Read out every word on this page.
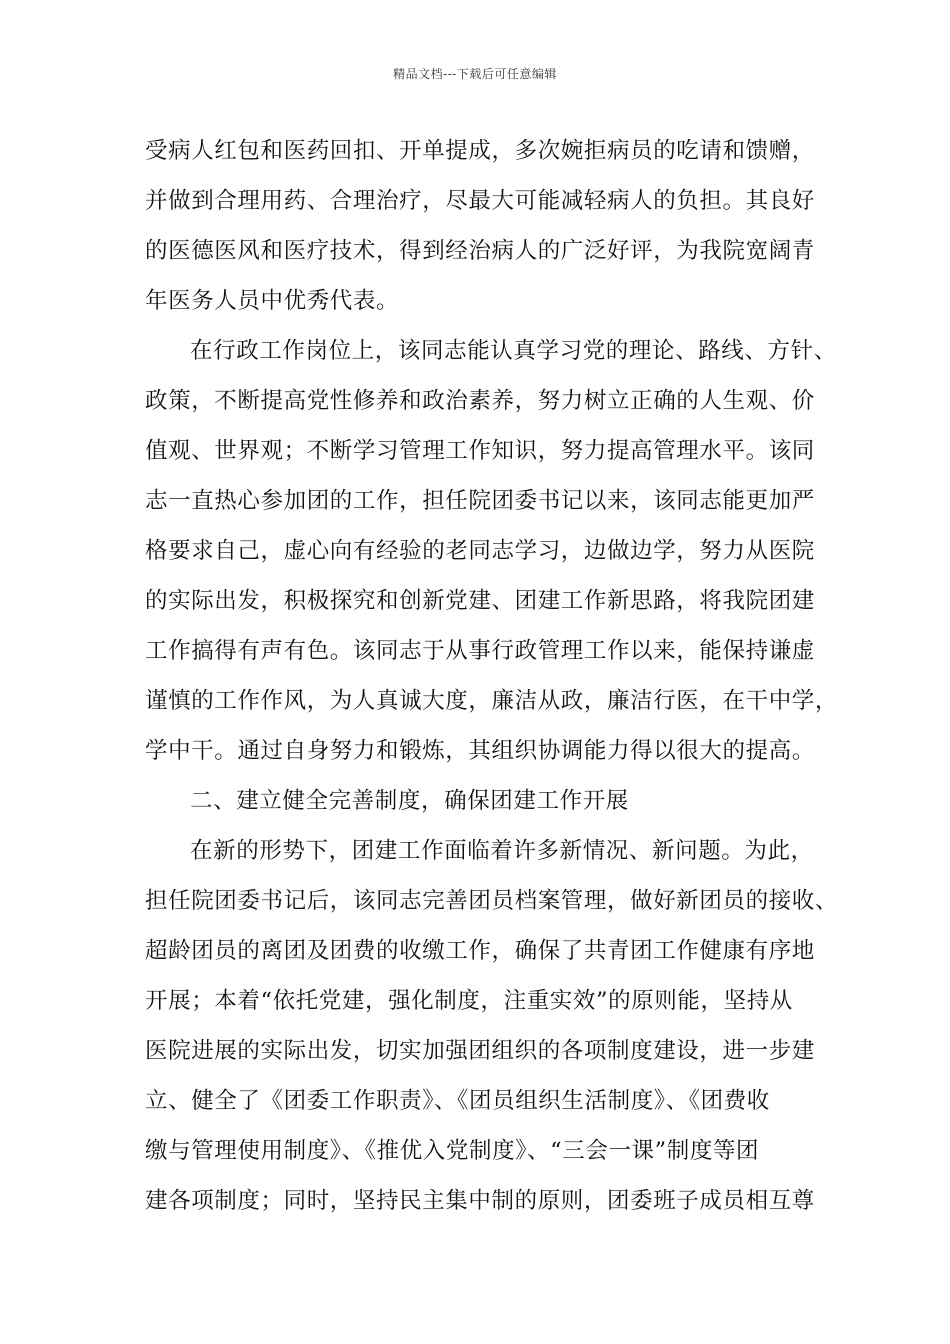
精品文档---下载后可任意编辑
受病人红包和医药回扣、开单提成，多次婉拒病员的吃请和馈赠，
并做到合理用药、合理治疗，尽最大可能减轻病人的负担。其良好
的医德医风和医疗技术，得到经治病人的广泛好评，为我院宽阔青
年医务人员中优秀代表。
在行政工作岗位上，该同志能认真学习党的理论、路线、方针、
政策，不断提高党性修养和政治素养，努力树立正确的人生观、价
值观、世界观；不断学习管理工作知识，努力提高管理水平。该同
志一直热心参加团的工作，担任院团委书记以来，该同志能更加严
格要求自己，虚心向有经验的老同志学习，边做边学，努力从医院
的实际出发，积极探究和创新党建、团建工作新思路，将我院团建
工作搞得有声有色。该同志于从事行政管理工作以来，能保持谦虚
谨慎的工作作风，为人真诚大度，廉洁从政，廉洁行医，在干中学，
学中干。通过自身努力和锻炼，其组织协调能力得以很大的提高。
二、建立健全完善制度，确保团建工作开展
在新的形势下，团建工作面临着许多新情况、新问题。为此，
担任院团委书记后，该同志完善团员档案管理，做好新团员的接收、
超龄团员的离团及团费的收缴工作，确保了共青团工作健康有序地
开展；本着“依托党建，强化制度，注重实效”的原则能，坚持从
医院进展的实际出发，切实加强团组织的各项制度建设，进一步建
立、健全了《团委工作职责》、《团员组织生活制度》、《团费收
缴与管理使用制度》、《推优入党制度》、“三会一课”制度等团
建各项制度；同时，坚持民主集中制的原则，团委班子成员相互尊
